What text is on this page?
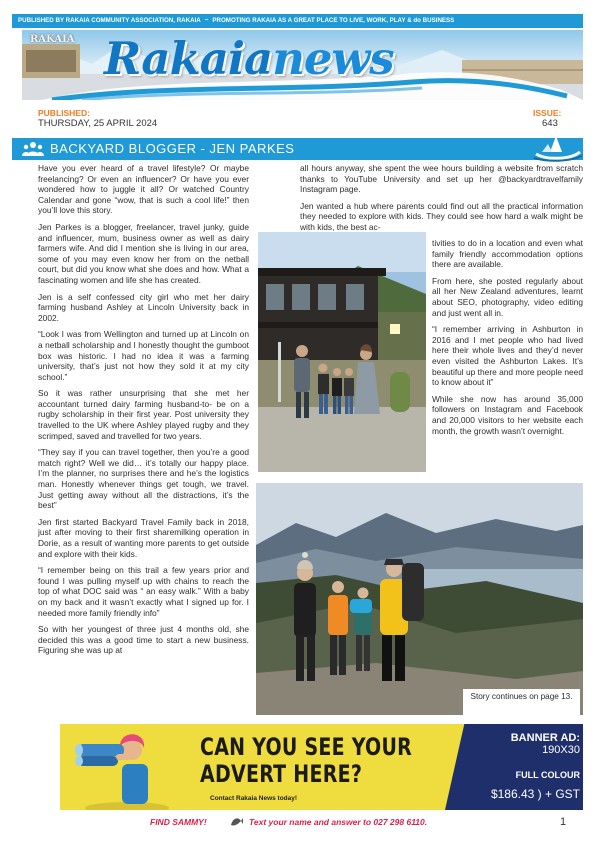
PUBLISHED BY RAKAIA COMMUNITY ASSOCIATION, RAKAIA ~ PROMOTING RAKAIA AS A GREAT PLACE TO LIVE, WORK, PLAY & do BUSINESS
RAKAIA Rakaianews
PUBLISHED:
THURSDAY, 25 APRIL 2024
ISSUE:
643
BACKYARD BLOGGER - JEN PARKES

Have you ever heard of a travel lifestyle? Or maybe freelancing? Or even an influencer? Or have you ever wondered how to juggle it all? Or watched Country Calendar and gone “wow, that is such a cool life!” then you’ll love this story.

Jen Parkes is a blogger, freelancer, travel junky, guide and influencer, mum, business owner as well as dairy farmers wife. And did I mention she is living in our area, some of you may even know her from on the netball court, but did you know what she does and how. What a fascinating women and life she has created.

Jen is a self confessed city girl who met her dairy farming husband Ashley at Lincoln University back in 2002.

“Look I was from Wellington and turned up at Lincoln on a netball scholarship and I honestly thought the gumboot box was historic. I had no idea it was a farming university, that’s just not how they sold it at my city school.”

So it was rather unsurprising that she met her accountant turned dairy farming husband-to- be on a rugby scholarship in their first year. Post university they travelled to the UK where Ashley played rugby and they scrimped, saved and travelled for two years.

“They say if you can travel together, then you’re a good match right? Well we did… it’s totally our happy place. I’m the planner, no surprises there and he’s the logistics man. Honestly whenever things get tough, we travel. Just getting away without all the distractions, it’s the best”

Jen first started Backyard Travel Family back in 2018, just after moving to their first sharemilking operation in Dorie, as a result of wanting more parents to get outside and explore with their kids.

“I remember being on this trail a few years prior and found I was pulling myself up with chains to reach the top of what DOC said was “ an easy walk.” With a baby on my back and it wasn’t exactly what I signed up for. I needed more family friendly info”

So with her youngest of three just 4 months old, she decided this was a good time to start a new business. Figuring she was up at

all hours anyway, she spent the wee hours building a website from scratch thanks to YouTube University and set up her @backyardtravelfamily Instagram page.

Jen wanted a hub where parents could find out all the practical information they needed to explore with kids. They could see how hard a walk might be with kids, the best ac-

tivities to do in a location and even what family friendly accommodation options there are available.

From here, she posted regularly about all her New Zealand adventures, learnt about SEO, photography, video editing and just went all in.

“I remember arriving in Ashburton in 2016 and I met people who had lived here their whole lives and they’d never even visited the Ashburton Lakes. It’s beautiful up there and more people need to know about it”

While she now has around 35,000 followers on Instagram and Facebook and 20,000 visitors to her website each month, the growth wasn’t overnight.

Story continues on page 13.
CAN YOU SEE YOUR
ADVERT HERE?
Contact Rakaia News today!
BANNER AD:
190X30
FULL COLOUR
$186.43 ) + GST
FIND SAMMY!	Text your name and answer to 027 298 6110.	1
